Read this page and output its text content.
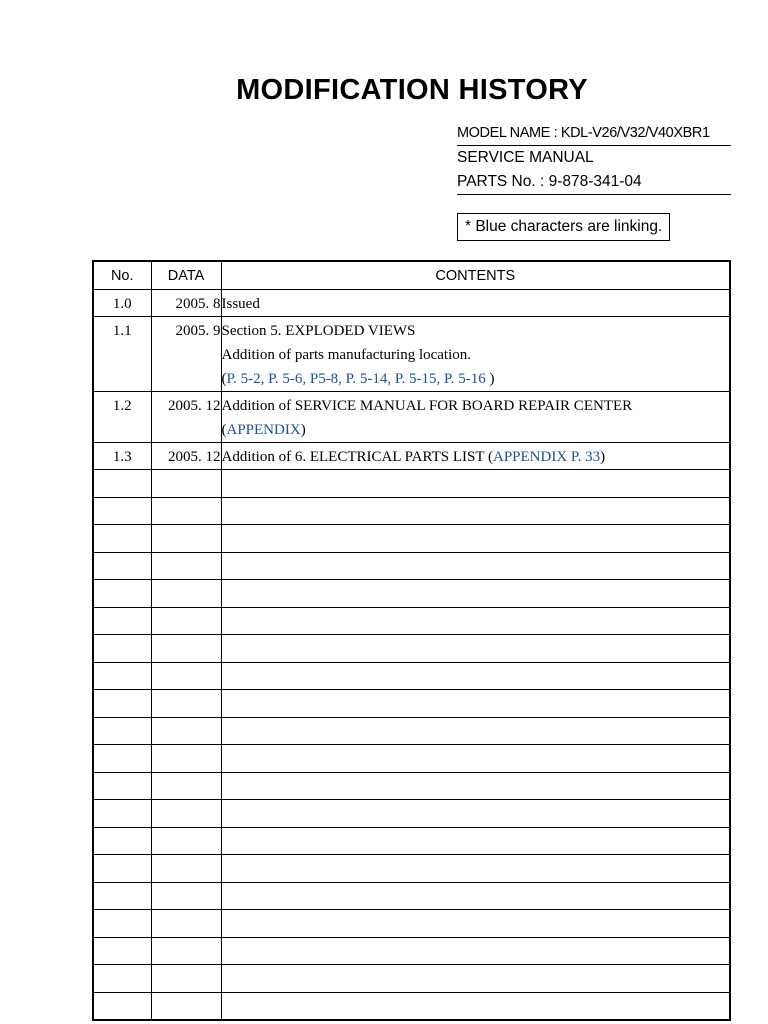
MODIFICATION HISTORY
MODEL NAME : KDL-V26/V32/V40XBR1
SERVICE MANUAL
PARTS No. : 9-878-341-04
* Blue characters are linking.
No.	DATA	CONTENTS

1.0	2005. 8	Issued

1.1	2005. 9	Section 5. EXPLODED VIEWS
Addition of parts manufacturing location.
(P. 5-2, P. 5-6, P5-8, P. 5-14, P. 5-15, P. 5-16 )

1.2	2005. 12	Addition of SERVICE MANUAL FOR BOARD REPAIR CENTER
(APPENDIX)

1.3	2005. 12	Addition of 6. ELECTRICAL PARTS LIST (APPENDIX P. 33)
